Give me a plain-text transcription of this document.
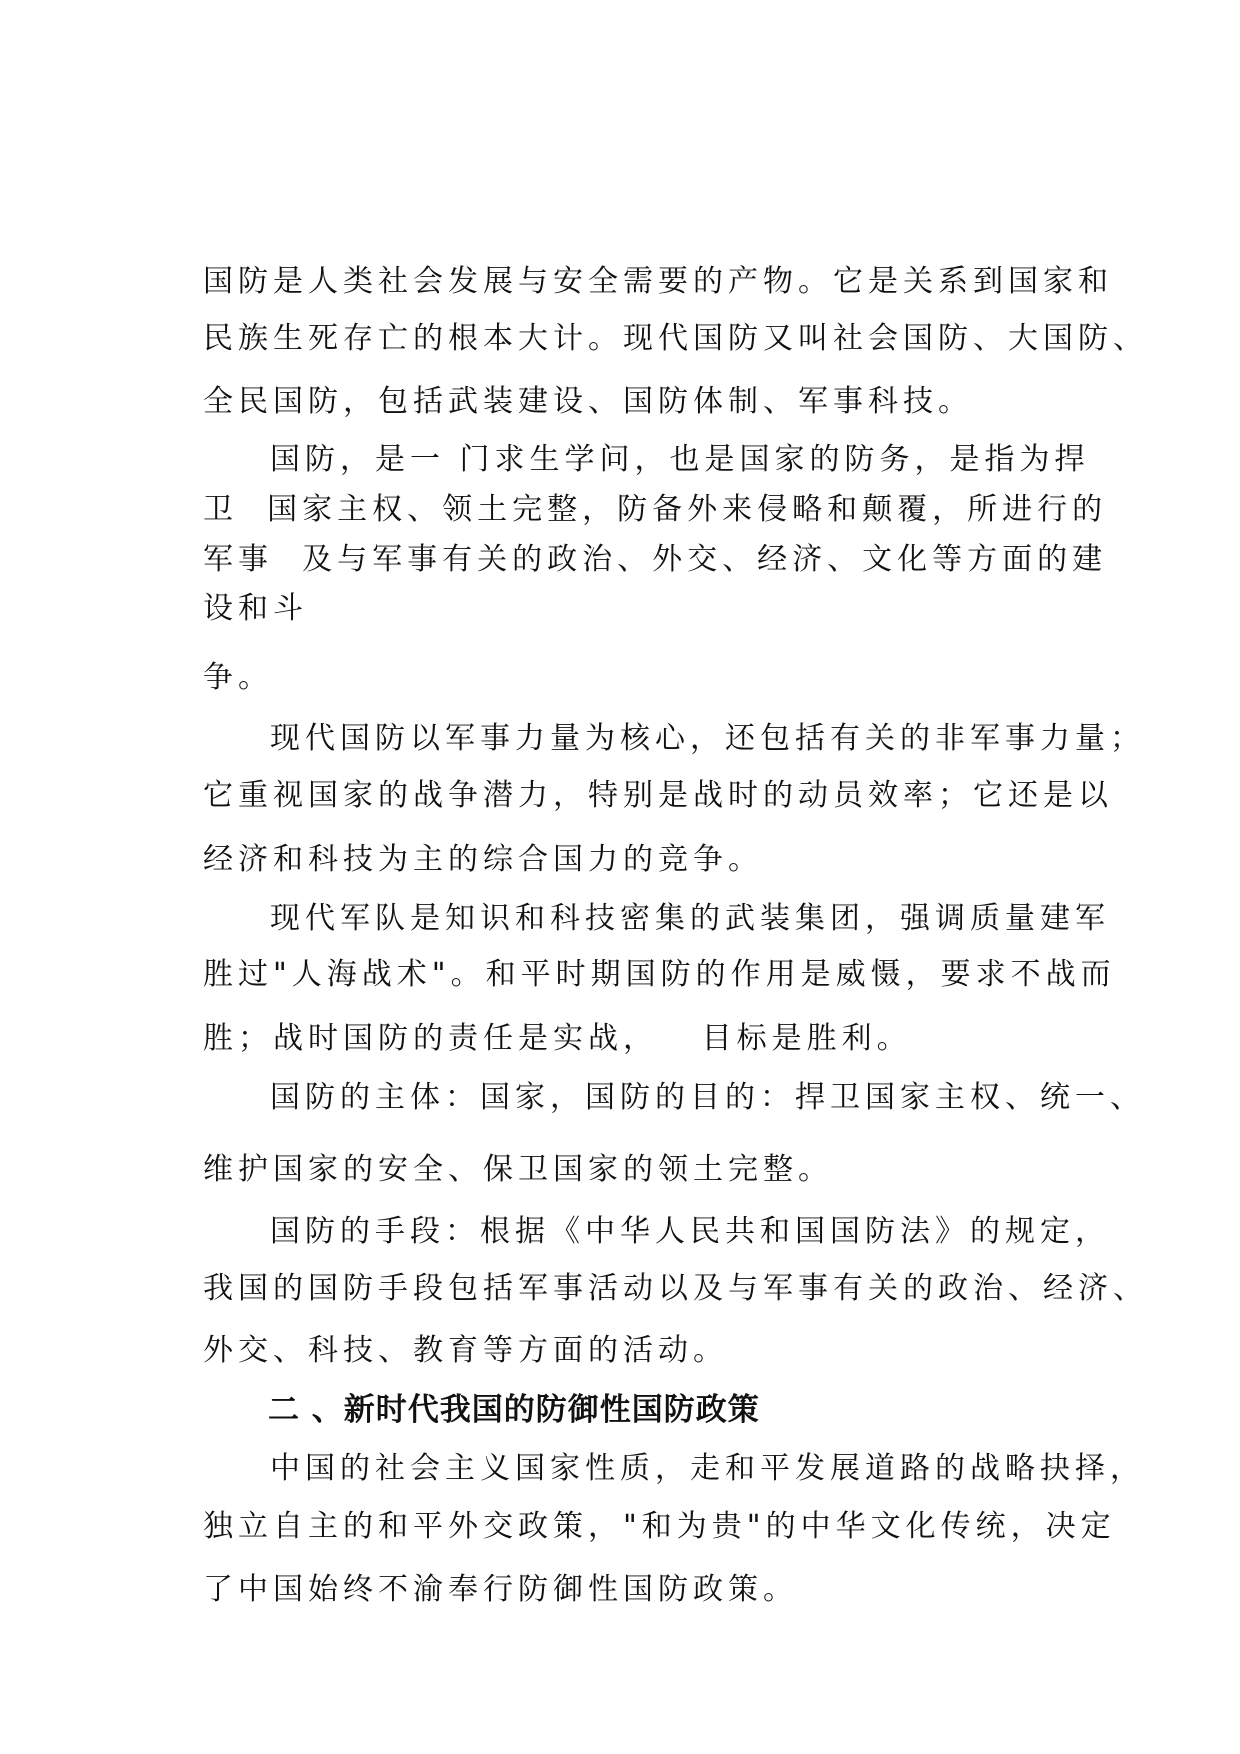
国防是人类社会发展与安全需要的产物。它是关系到国家和
民族生死存亡的根本大计。现代国防又叫社会国防、大国防、
全民国防，包括武装建设、国防体制、军事科技。
国防，是一 门求生学问，也是国家的防务，是指为捍
卫  国家主权、领土完整，防备外来侵略和颠覆，所进行的
军事  及与军事有关的政治、外交、经济、文化等方面的建
设和斗
争。
现代国防以军事力量为核心，还包括有关的非军事力量；
它重视国家的战争潜力，特别是战时的动员效率；它还是以
经济和科技为主的综合国力的竞争。
现代军队是知识和科技密集的武装集团，强调质量建军
胜过"人海战术"。和平时期国防的作用是威慑，要求不战而
胜；战时国防的责任是实战，   目标是胜利。
国防的主体：国家，国防的目的：捍卫国家主权、统一、
维护国家的安全、保卫国家的领土完整。
国防的手段：根据《中华人民共和国国防法》的规定，
我国的国防手段包括军事活动以及与军事有关的政治、经济、
外交、科技、教育等方面的活动。
二 、新时代我国的防御性国防政策
中国的社会主义国家性质，走和平发展道路的战略抉择，
独立自主的和平外交政策，"和为贵"的中华文化传统，决定
了中国始终不渝奉行防御性国防政策。
